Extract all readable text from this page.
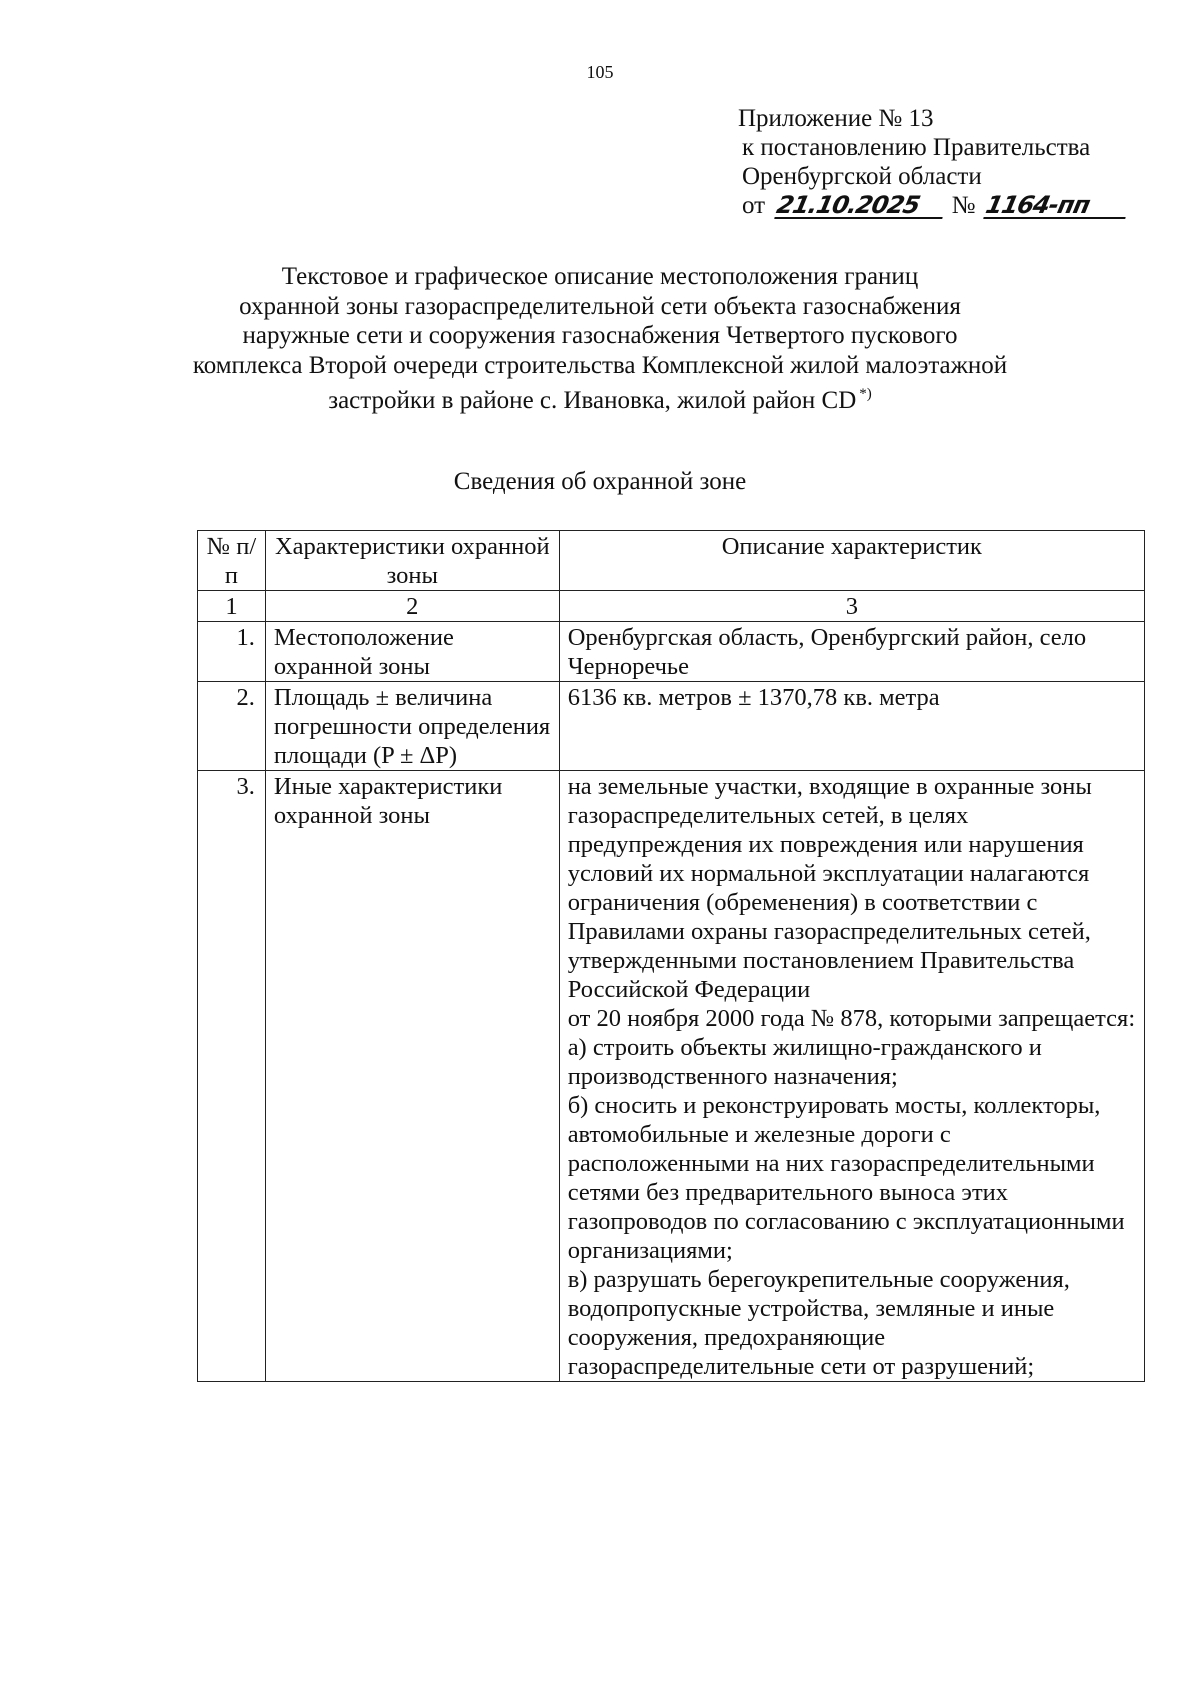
105
Приложение № 13
к постановлению Правительства
Оренбургской области
от 21.10.2025 № 1164-пп
Текстовое и графическое описание местоположения границ
охранной зоны газораспределительной сети объекта газоснабжения
наружные сети и сооружения газоснабжения Четвертого пускового
комплекса Второй очереди строительства Комплексной жилой малоэтажной
застройки в районе с. Ивановка, жилой район CD *)
Сведения об охранной зоне
№ п/п	Характеристики охранной зоны	Описание характеристик
1	2	3
1.	Местоположение охранной зоны	Оренбургская область, Оренбургский район, село Черноречье
2.	Площадь ± величина погрешности определения площади (P ± ΔP)	6136 кв. метров ± 1370,78 кв. метра
3.	Иные характеристики охранной зоны	на земельные участки, входящие в охранные зоны газораспределительных сетей, в целях предупреждения их повреждения или нарушения условий их нормальной эксплуатации налагаются ограничения (обременения) в соответствии с Правилами охраны газораспределительных сетей, утвержденными постановлением Правительства Российской Федерации
от 20 ноября 2000 года № 878, которыми запрещается:
а) строить объекты жилищно-гражданского и производственного назначения;
б) сносить и реконструировать мосты, коллекторы, автомобильные и железные дороги с расположенными на них газораспределительными сетями без предварительного выноса этих газопроводов по согласованию с эксплуатационными организациями;
в) разрушать берегоукрепительные сооружения, водопропускные устройства, земляные и иные сооружения, предохраняющие газораспределительные сети от разрушений;
